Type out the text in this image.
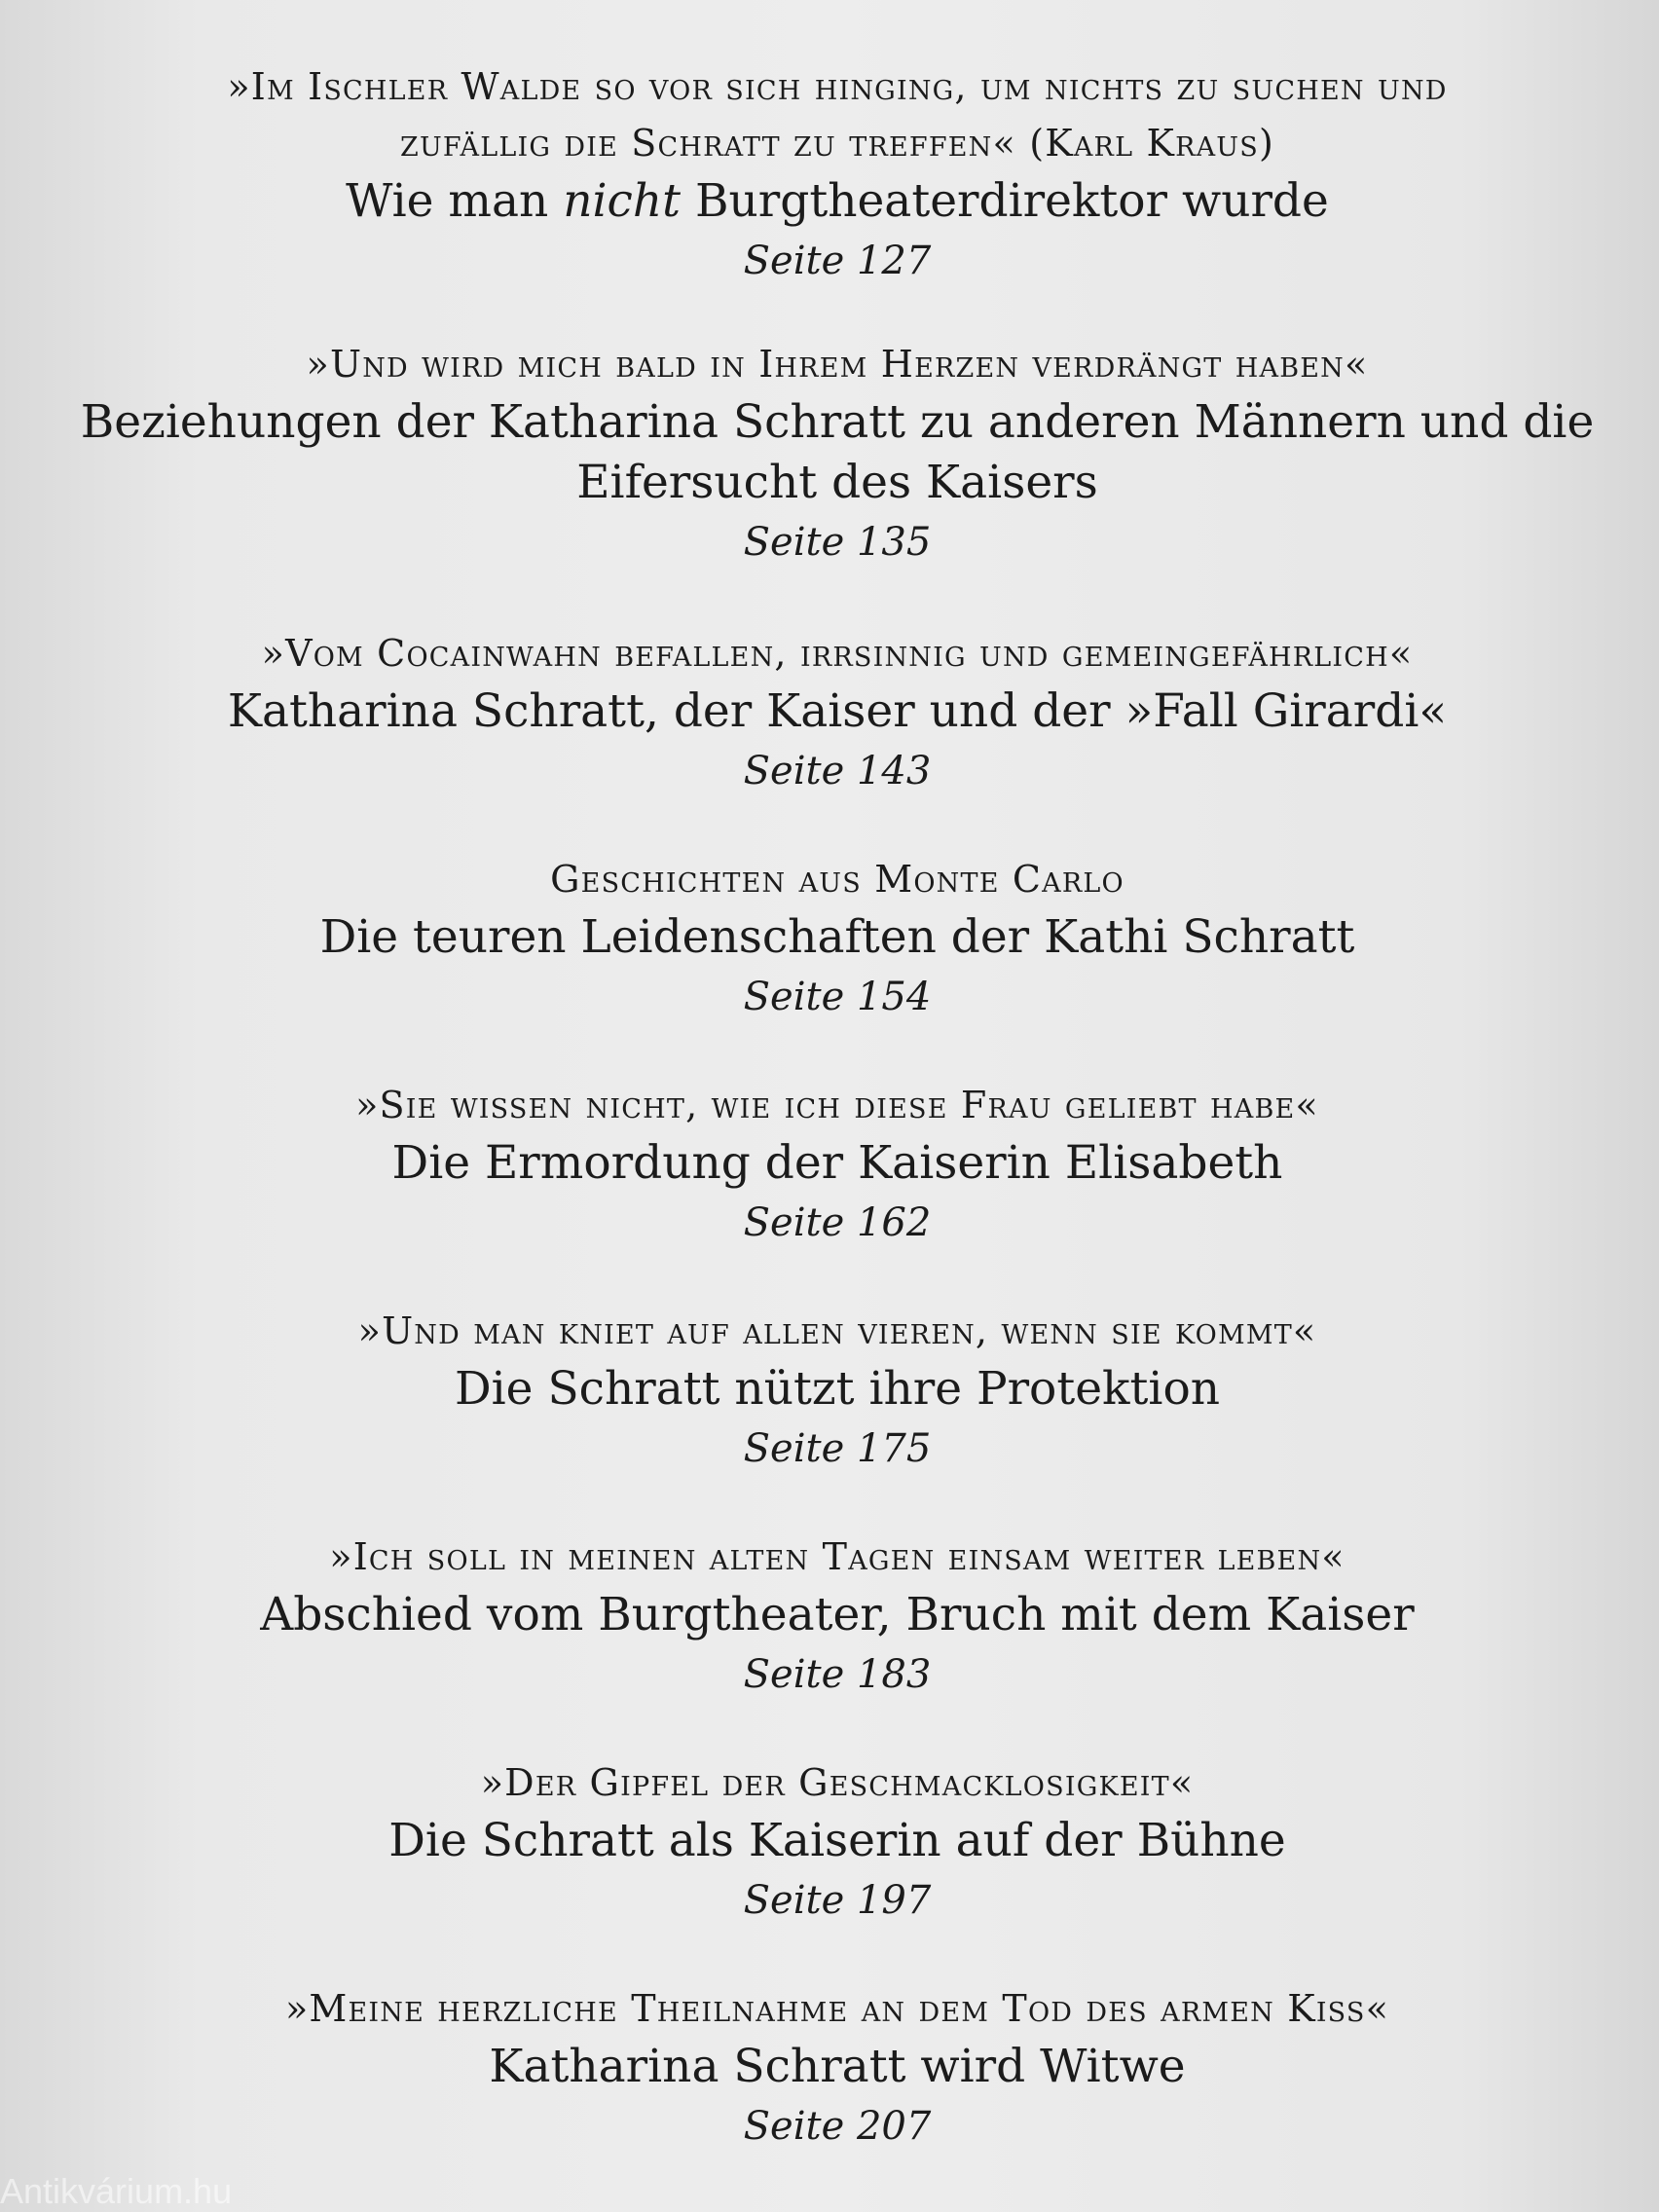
»Im Ischler Walde so vor sich hinging, um nichts zu suchen und

zufällig die Schratt zu treffen« (Karl Kraus)

Wie man nicht Burgtheaterdirektor wurde

Seite 127

»Und wird mich bald in Ihrem Herzen verdrängt haben«

Beziehungen der Katharina Schratt zu anderen Männern und die

Eifersucht des Kaisers

Seite 135

»Vom Cocainwahn befallen, irrsinnig und gemeingefährlich«

Katharina Schratt, der Kaiser und der »Fall Girardi«

Seite 143

Geschichten aus Monte Carlo

Die teuren Leidenschaften der Kathi Schratt

Seite 154

»Sie wissen nicht, wie ich diese Frau geliebt habe«

Die Ermordung der Kaiserin Elisabeth

Seite 162

»Und man kniet auf allen vieren, wenn sie kommt«

Die Schratt nützt ihre Protektion

Seite 175

»Ich soll in meinen alten Tagen einsam weiter leben«

Abschied vom Burgtheater, Bruch mit dem Kaiser

Seite 183

»Der Gipfel der Geschmacklosigkeit«

Die Schratt als Kaiserin auf der Bühne

Seite 197

»Meine herzliche Theilnahme an dem Tod des armen Kiss«

Katharina Schratt wird Witwe

Seite 207

Antikvárium.hu
